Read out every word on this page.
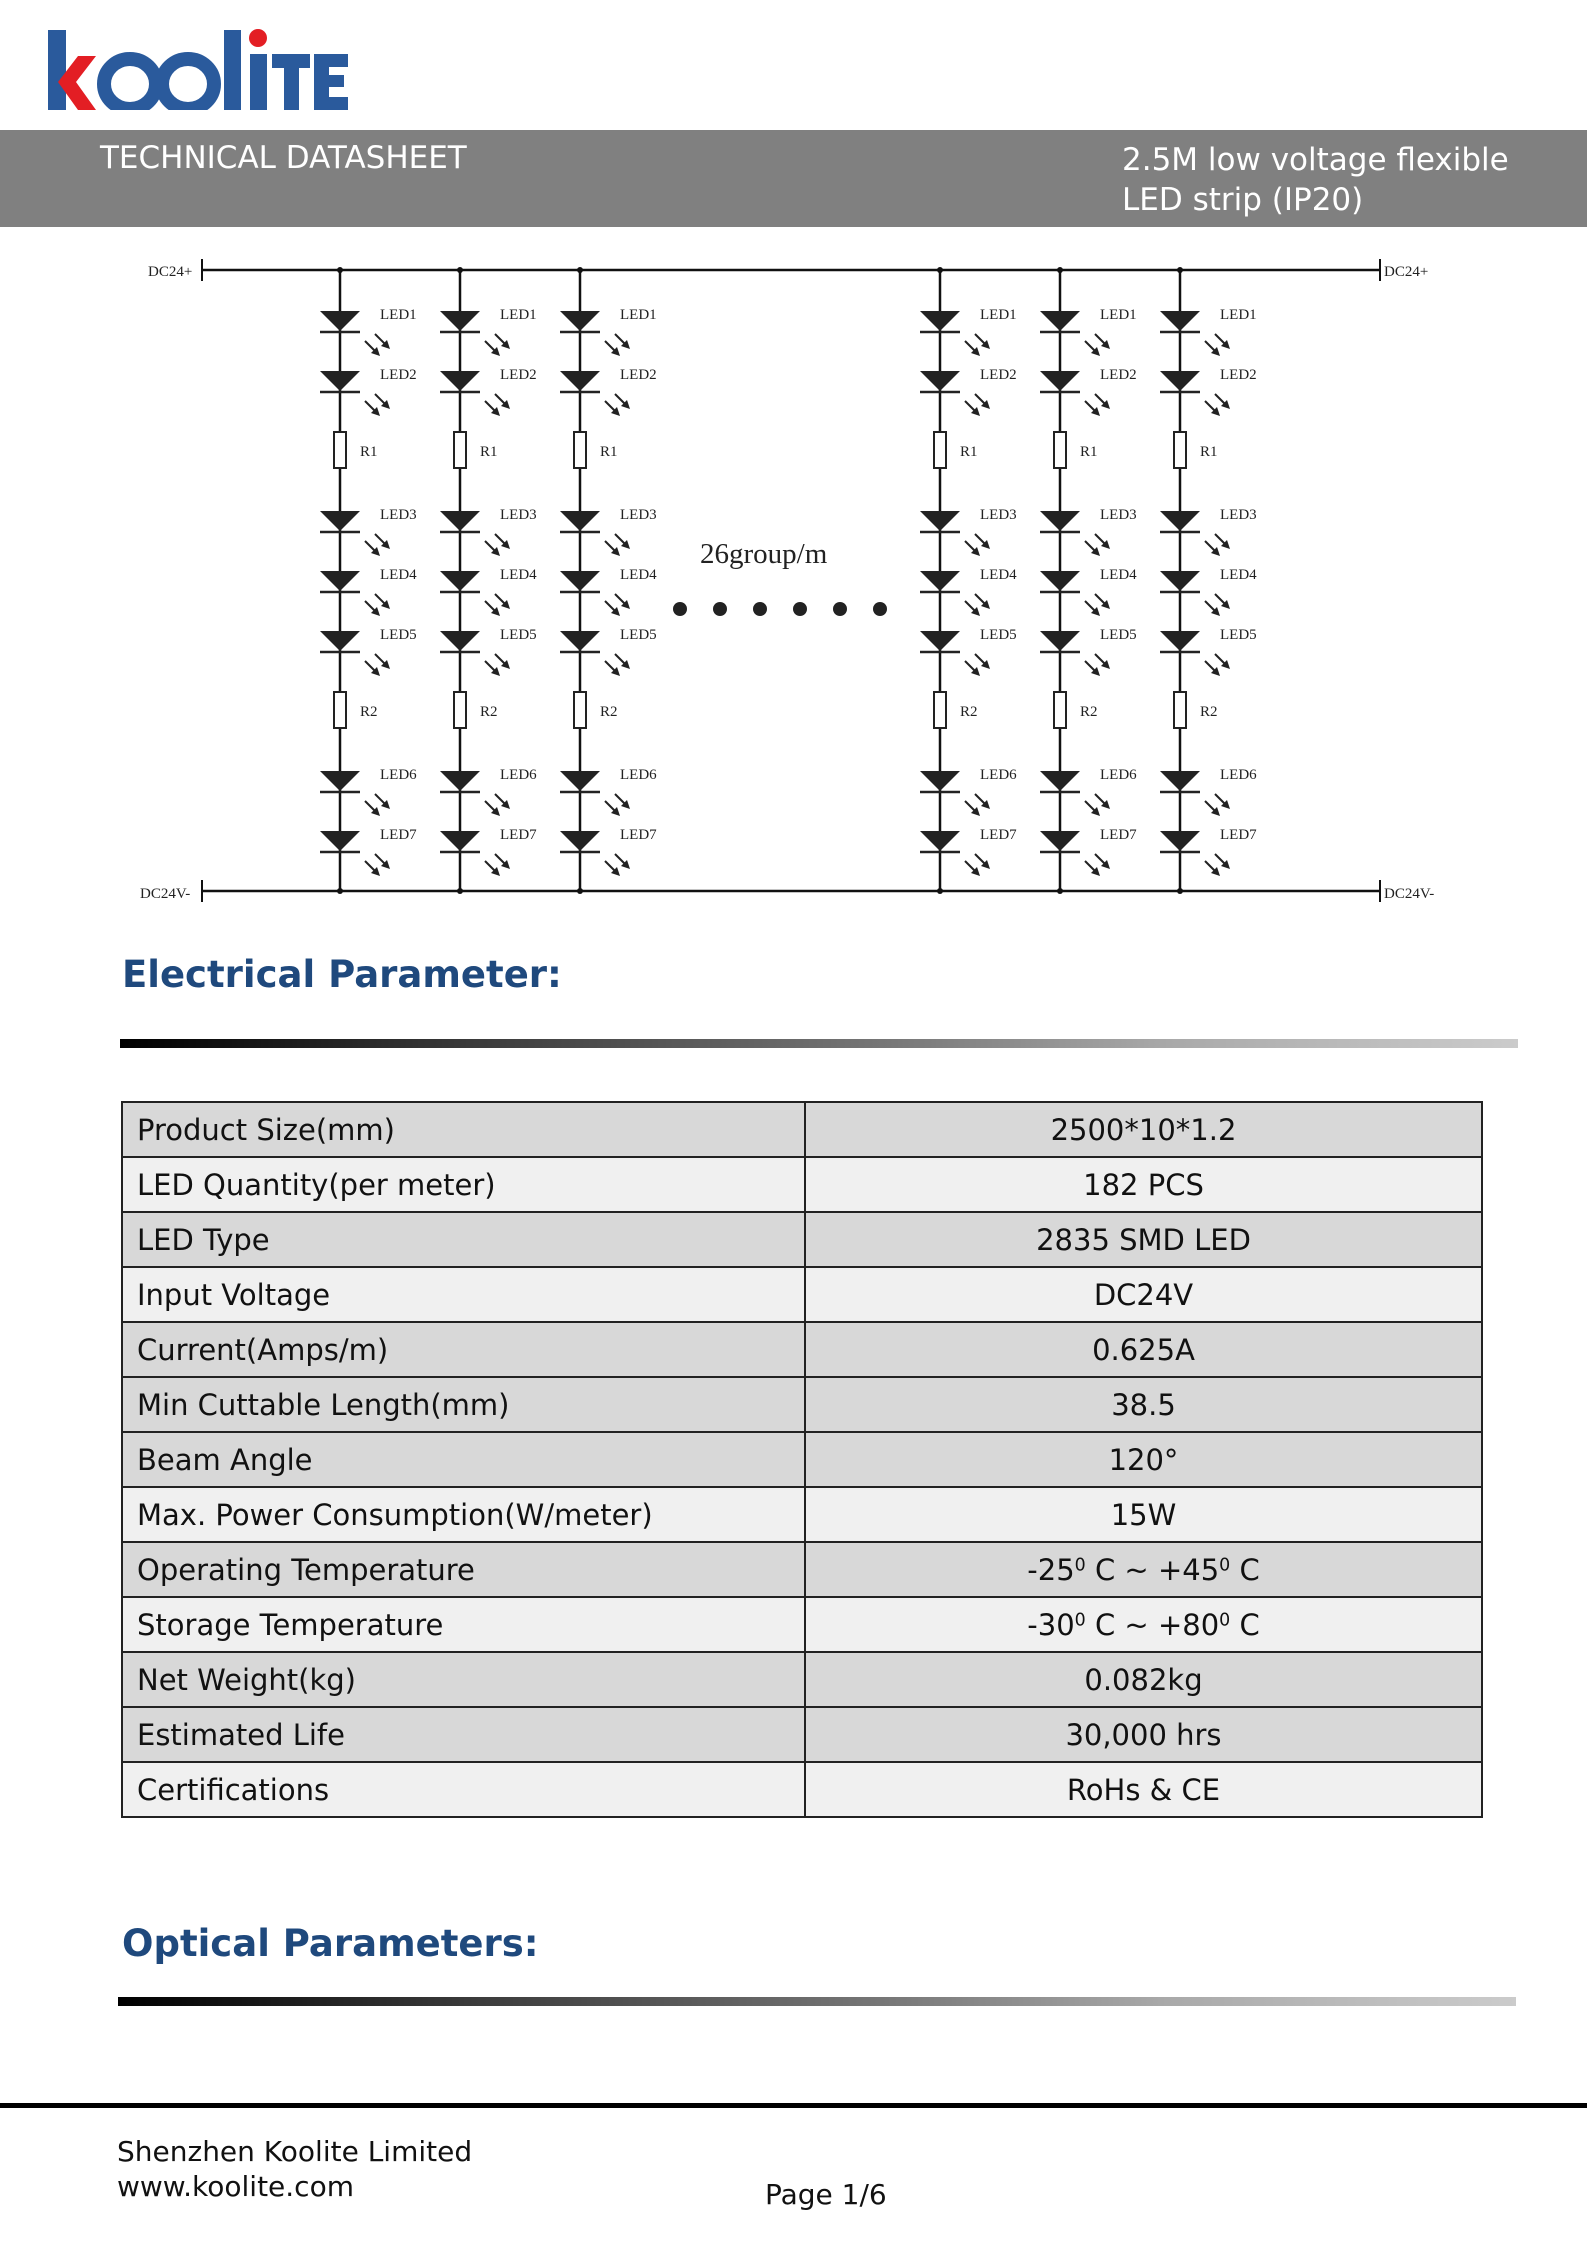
TECHNICAL DATASHEET	2.5M low voltage flexible
LED strip (IP20)
LED1
LED2
R1
LED3
LED4
LED5
R2
LED6
LED7
LED1
LED2
R1
LED3
LED4
LED5
R2
LED6
LED7
LED1
LED2
R1
LED3
LED4
LED5
R2
LED6
LED7
LED1
LED2
R1
LED3
LED4
LED5
R2
LED6
LED7
LED1
LED2
R1
LED3
LED4
LED5
R2
LED6
LED7
LED1
LED2
R1
LED3
LED4
LED5
R2
LED6
LED7
DC24+	DC24+
DC24V-	DC24V-
26group/m
Electrical Parameter:
Product Size(mm)	2500*10*1.2
LED Quantity(per meter)	182 PCS
LED Type	2835 SMD LED
Input Voltage	DC24V
Current(Amps/m)	0.625A
Min Cuttable Length(mm)	38.5
Beam Angle	120°
Max. Power Consumption(W/meter)	15W
Operating Temperature	$-25^0$ C ~ $+45^0$ C
Storage Temperature	$-30^0$ C ~ $+80^0$ C
Net Weight(kg)	0.082kg
Estimated Life	30,000 hrs
Certifications	RoHs & CE
Optical Parameters:
Shenzhen Koolite Limited
www.koolite.com	Page 1/6
